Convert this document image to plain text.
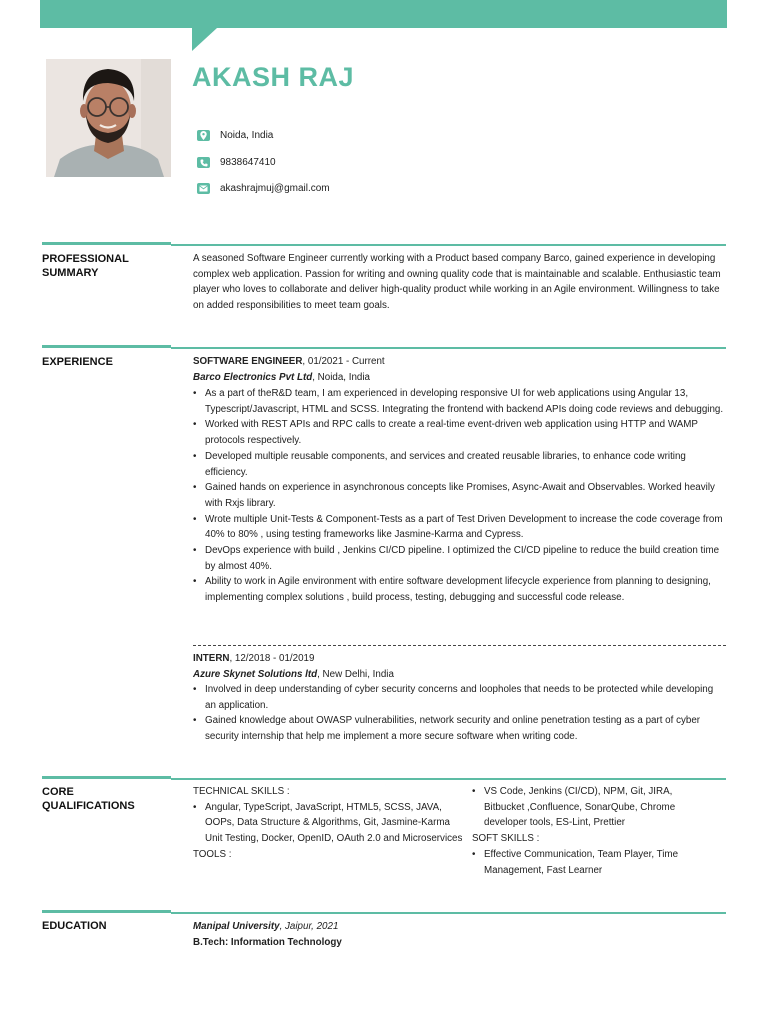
AKASH RAJ
Noida, India
9838647410
akashrajmuj@gmail.com
PROFESSIONAL
SUMMARY
A seasoned Software Engineer currently working with a Product based company Barco, gained experience in developing complex web application. Passion for writing and owning quality code that is maintainable and scalable. Enthusiastic team player who loves to collaborate and deliver high-quality product while working in an Agile environment. Willingness to take on added responsibilities to meet team goals.
EXPERIENCE	SOFTWARE ENGINEER, 01/2021 - Current
Barco Electronics Pvt Ltd, Noida, India
• As a part of theR&D team, I am experienced in developing responsive UI for web applications using Angular 13, Typescript/Javascript, HTML and SCSS. Integrating the frontend with backend APIs doing code reviews and debugging.
• Worked with REST APIs and RPC calls to create a real-time event-driven web application using HTTP and WAMP protocols respectively.
• Developed multiple reusable components, and services and created reusable libraries, to enhance code writing efficiency.
• Gained hands on experience in asynchronous concepts like Promises, Async-Await and Observables. Worked heavily with Rxjs library.
• Wrote multiple Unit-Tests & Component-Tests as a part of Test Driven Development to increase the code coverage from 40% to 80% , using testing frameworks like Jasmine-Karma and Cypress.
• DevOps experience with build , Jenkins CI/CD pipeline. I optimized the CI/CD pipeline to reduce the build creation time by almost 40%.
• Ability to work in Agile environment with entire software development lifecycle experience from planning to designing, implementing complex solutions , build process, testing, debugging and successful code release.
INTERN, 12/2018 - 01/2019
Azure Skynet Solutions ltd, New Delhi, India
• Involved in deep understanding of cyber security concerns and loopholes that needs to be protected while developing an application.
• Gained knowledge about OWASP vulnerabilities, network security and online penetration testing as a part of cyber security internship that help me implement a more secure software when writing code.
CORE
QUALIFICATIONS
TECHNICAL SKILLS :
• Angular, TypeScript, JavaScript, HTML5, SCSS, JAVA, OOPs, Data Structure & Algorithms, Git, Jasmine-Karma Unit Testing, Docker, OpenID, OAuth 2.0 and Microservices
TOOLS :
• VS Code, Jenkins (CI/CD), NPM, Git, JIRA, Bitbucket ,Confluence, SonarQube, Chrome developer tools, ES-Lint, Prettier
SOFT SKILLS :
• Effective Communication, Team Player, Time Management, Fast Learner
EDUCATION	Manipal University, Jaipur, 2021
B.Tech: Information Technology
